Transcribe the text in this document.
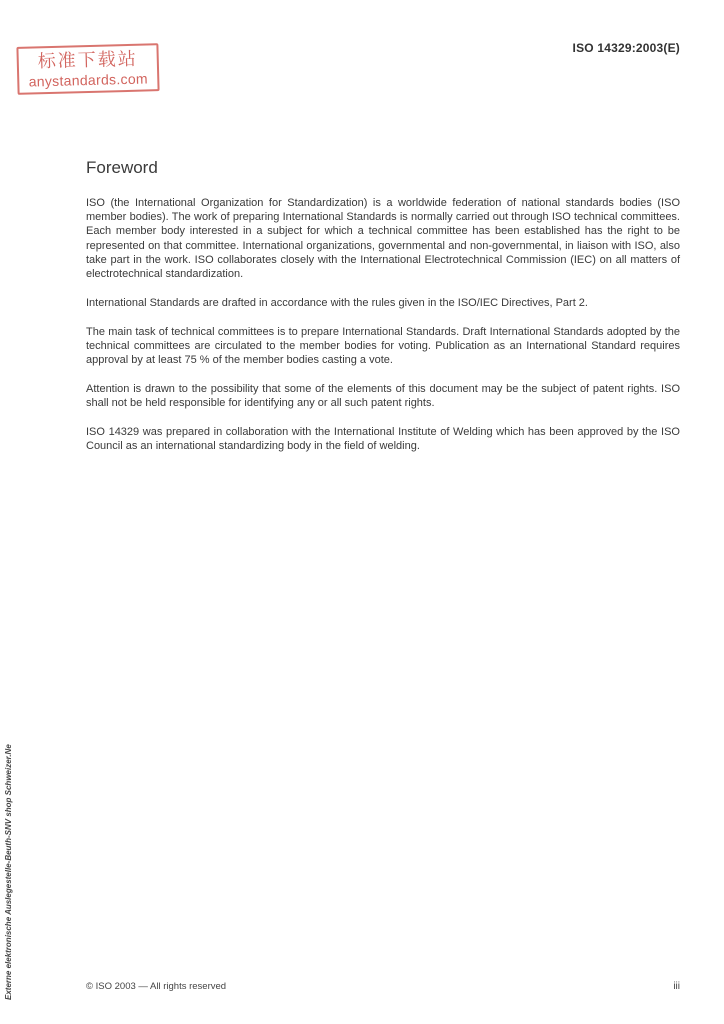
ISO 14329:2003(E)
标准下载站
anystandards.com
Foreword

ISO (the International Organization for Standardization) is a worldwide federation of national standards bodies (ISO member bodies). The work of preparing International Standards is normally carried out through ISO technical committees. Each member body interested in a subject for which a technical committee has been established has the right to be represented on that committee. International organizations, governmental and non-governmental, in liaison with ISO, also take part in the work. ISO collaborates closely with the International Electrotechnical Commission (IEC) on all matters of electrotechnical standardization.

International Standards are drafted in accordance with the rules given in the ISO/IEC Directives, Part 2.

The main task of technical committees is to prepare International Standards. Draft International Standards adopted by the technical committees are circulated to the member bodies for voting. Publication as an International Standard requires approval by at least 75 % of the member bodies casting a vote.

Attention is drawn to the possibility that some of the elements of this document may be the subject of patent rights. ISO shall not be held responsible for identifying any or all such patent rights.

ISO 14329 was prepared in collaboration with the International Institute of Welding which has been approved by the ISO Council as an international standardizing body in the field of welding.

Externe elektronische Auslegestelle-Beuth-SNV shop Schweizer.Ne	© ISO 2003 — All rights reserved	iii
